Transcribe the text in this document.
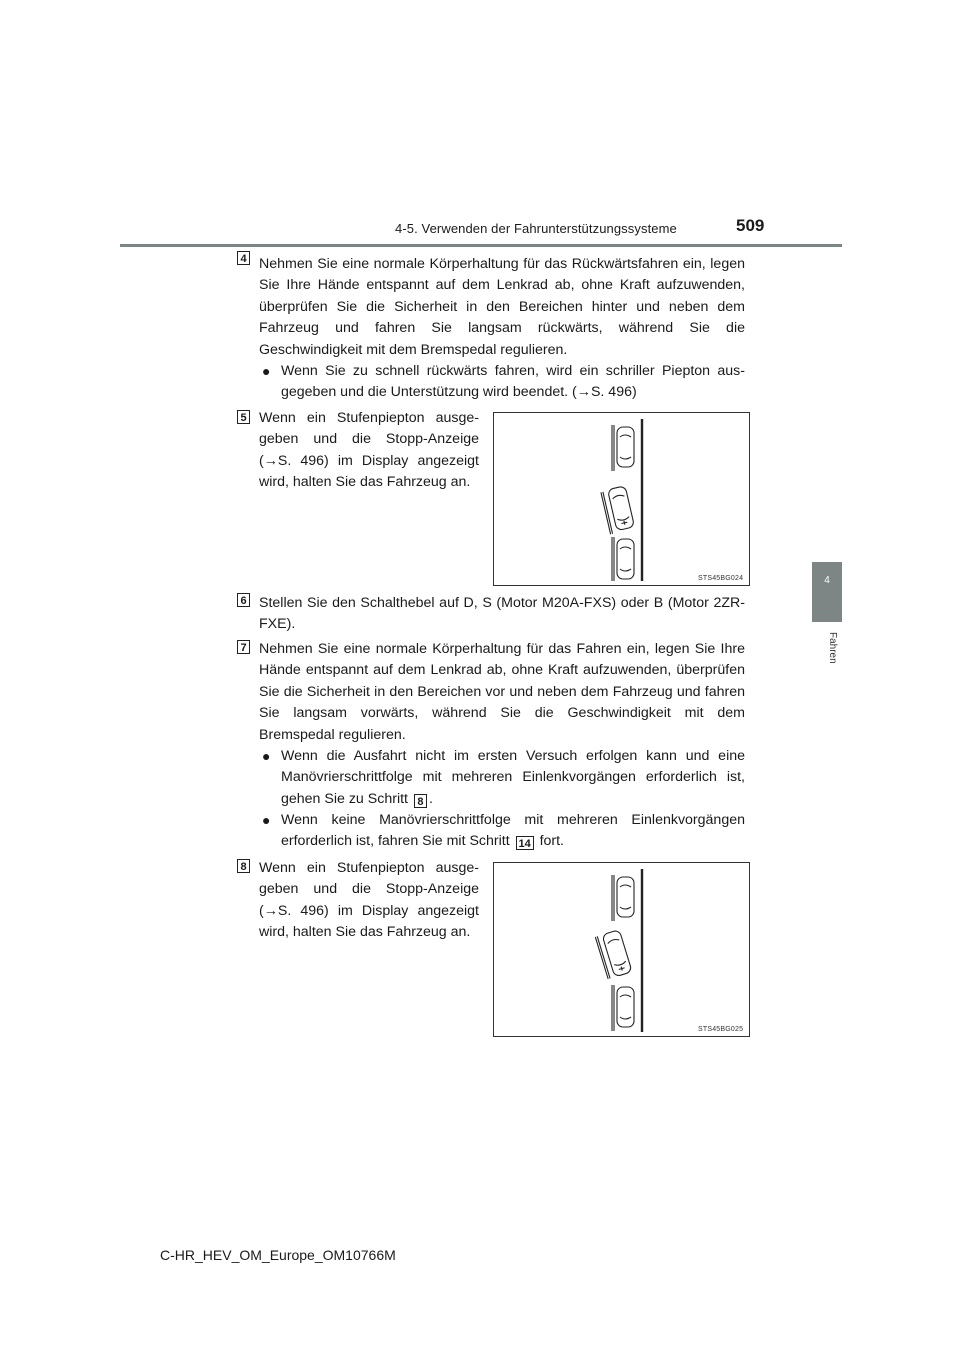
4-5. Verwenden der Fahrunterstützungssysteme	509
4
Fahren
4 Nehmen Sie eine normale Körperhaltung für das Rückwärtsfahren ein, legen Sie Ihre Hände entspannt auf dem Lenkrad ab, ohne Kraft aufzuwenden, überprüfen Sie die Sicherheit in den Bereichen hinter und neben dem Fahrzeug und fahren Sie langsam rückwärts, während Sie die Geschwindigkeit mit dem Bremspedal regulieren.
● Wenn Sie zu schnell rückwärts fahren, wird ein schriller Piepton ausgegeben und die Unterstützung wird beendet. (→S. 496)
5 Wenn ein Stufenpiepton ausgegeben und die Stopp-Anzeige (→S. 496) im Display angezeigt wird, halten Sie das Fahrzeug an.
STS45BG024
6 Stellen Sie den Schalthebel auf D, S (Motor M20A-FXS) oder B (Motor 2ZR-FXE).
7 Nehmen Sie eine normale Körperhaltung für das Fahren ein, legen Sie Ihre Hände entspannt auf dem Lenkrad ab, ohne Kraft aufzuwenden, überprüfen Sie die Sicherheit in den Bereichen vor und neben dem Fahrzeug und fahren Sie langsam vorwärts, während Sie die Geschwindigkeit mit dem Bremspedal regulieren.
● Wenn die Ausfahrt nicht im ersten Versuch erfolgen kann und eine Manövrierschrittfolge mit mehreren Einlenkvorgängen erforderlich ist, gehen Sie zu Schritt 8 .
● Wenn keine Manövrierschrittfolge mit mehreren Einlenkvorgängen erforderlich ist, fahren Sie mit Schritt 14 fort.
8 Wenn ein Stufenpiepton ausgegeben und die Stopp-Anzeige (→S. 496) im Display angezeigt wird, halten Sie das Fahrzeug an.
STS45BG025
C-HR_HEV_OM_Europe_OM10766M
